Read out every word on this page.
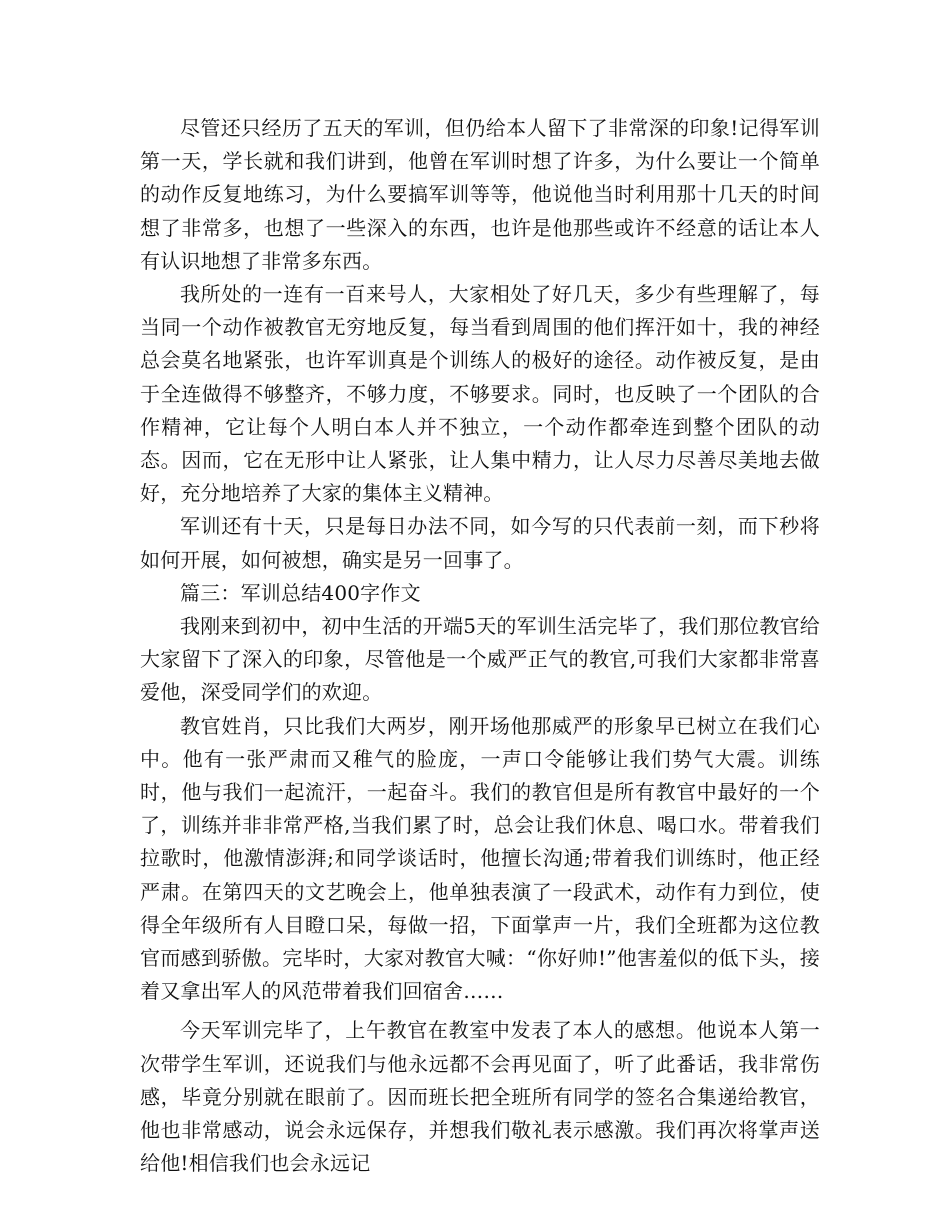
尽管还只经历了五天的军训，但仍给本人留下了非常深的印象!记得军训第一天，学长就和我们讲到，他曾在军训时想了许多，为什么要让一个简单的动作反复地练习，为什么要搞军训等等，他说他当时利用那十几天的时间想了非常多，也想了一些深入的东西，也许是他那些或许不经意的话让本人有认识地想了非常多东西。

我所处的一连有一百来号人，大家相处了好几天，多少有些理解了，每当同一个动作被教官无穷地反复，每当看到周围的他们挥汗如十，我的神经总会莫名地紧张，也许军训真是个训练人的极好的途径。动作被反复，是由于全连做得不够整齐，不够力度，不够要求。同时，也反映了一个团队的合作精神，它让每个人明白本人并不独立，一个动作都牵连到整个团队的动态。因而，它在无形中让人紧张，让人集中精力，让人尽力尽善尽美地去做好，充分地培养了大家的集体主义精神。

军训还有十天，只是每日办法不同，如今写的只代表前一刻，而下秒将如何开展，如何被想，确实是另一回事了。

篇三：军训总结400字作文

我刚来到初中，初中生活的开端5天的军训生活完毕了，我们那位教官给大家留下了深入的印象，尽管他是一个威严正气的教官,可我们大家都非常喜爱他，深受同学们的欢迎。

教官姓肖，只比我们大两岁，刚开场他那威严的形象早已树立在我们心中。他有一张严肃而又稚气的脸庞，一声口令能够让我们势气大震。训练时，他与我们一起流汗，一起奋斗。我们的教官但是所有教官中最好的一个了，训练并非非常严格,当我们累了时，总会让我们休息、喝口水。带着我们拉歌时，他激情澎湃;和同学谈话时，他擅长沟通;带着我们训练时，他正经严肃。在第四天的文艺晚会上，他单独表演了一段武术，动作有力到位，使得全年级所有人目瞪口呆，每做一招，下面掌声一片，我们全班都为这位教官而感到骄傲。完毕时，大家对教官大喊：“你好帅!”他害羞似的低下头，接着又拿出军人的风范带着我们回宿舍……

今天军训完毕了，上午教官在教室中发表了本人的感想。他说本人第一次带学生军训，还说我们与他永远都不会再见面了，听了此番话，我非常伤感，毕竟分别就在眼前了。因而班长把全班所有同学的签名合集递给教官，他也非常感动，说会永远保存，并想我们敬礼表示感激。我们再次将掌声送给他!相信我们也会永远记
